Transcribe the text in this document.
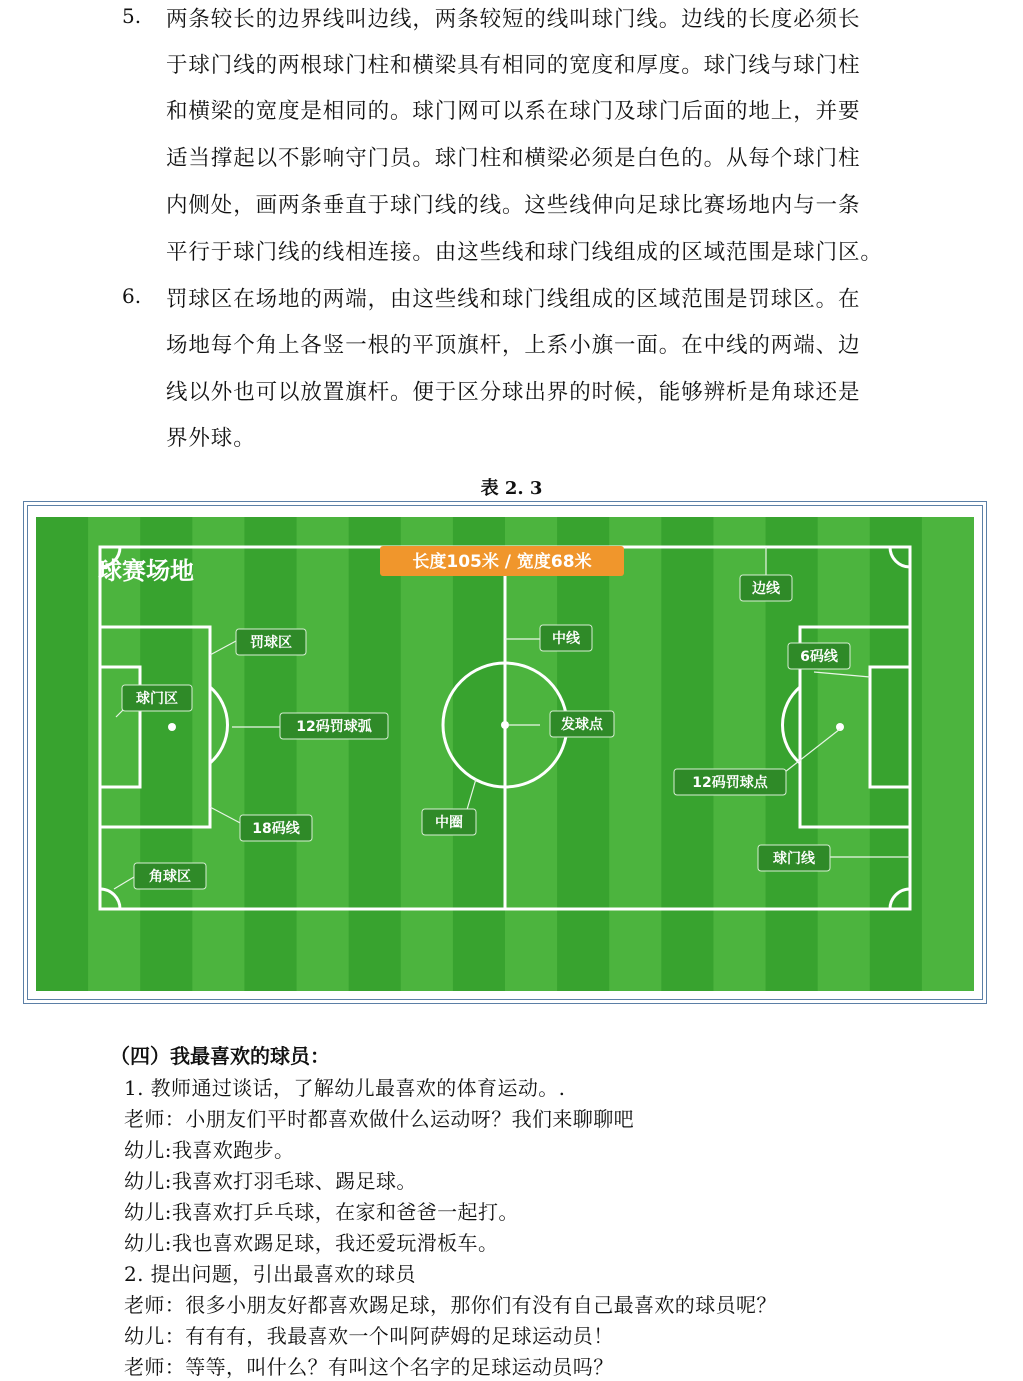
5. 两条较长的边界线叫边线，两条较短的线叫球门线。边线的长度必须长
于球门线的两根球门柱和横梁具有相同的宽度和厚度。球门线与球门柱
和横梁的宽度是相同的。球门网可以系在球门及球门后面的地上，并要
适当撑起以不影响守门员。球门柱和横梁必须是白色的。从每个球门柱
内侧处，画两条垂直于球门线的线。这些线伸向足球比赛场地内与一条
平行于球门线的线相连接。由这些线和球门线组成的区域范围是球门区。
6. 罚球区在场地的两端，由这些线和球门线组成的区域范围是罚球区。在
场地每个角上各竖一根的平顶旗杆，上系小旗一面。在中线的两端、边
线以外也可以放置旗杆。便于区分球出界的时候，能够辨析是角球还是
界外球。
表 2. 3
球赛场地	长度105米 / 宽度68米
罚球区
球门区
12码罚球弧
18码线
角球区
中线
发球点
中圈
边线
6码线
12码罚球点
球门线
（四）我最喜欢的球员：
1. 教师通过谈话，了解幼儿最喜欢的体育运动。.
老师：小朋友们平时都喜欢做什么运动呀？我们来聊聊吧
幼儿:我喜欢跑步。
幼儿:我喜欢打羽毛球、踢足球。
幼儿:我喜欢打乒乓球，在家和爸爸一起打。
幼儿:我也喜欢踢足球，我还爱玩滑板车。
2. 提出问题，引出最喜欢的球员
老师：很多小朋友好都喜欢踢足球，那你们有没有自己最喜欢的球员呢？
幼儿：有有有，我最喜欢一个叫阿萨姆的足球运动员！
老师：等等，叫什么？有叫这个名字的足球运动员吗？
